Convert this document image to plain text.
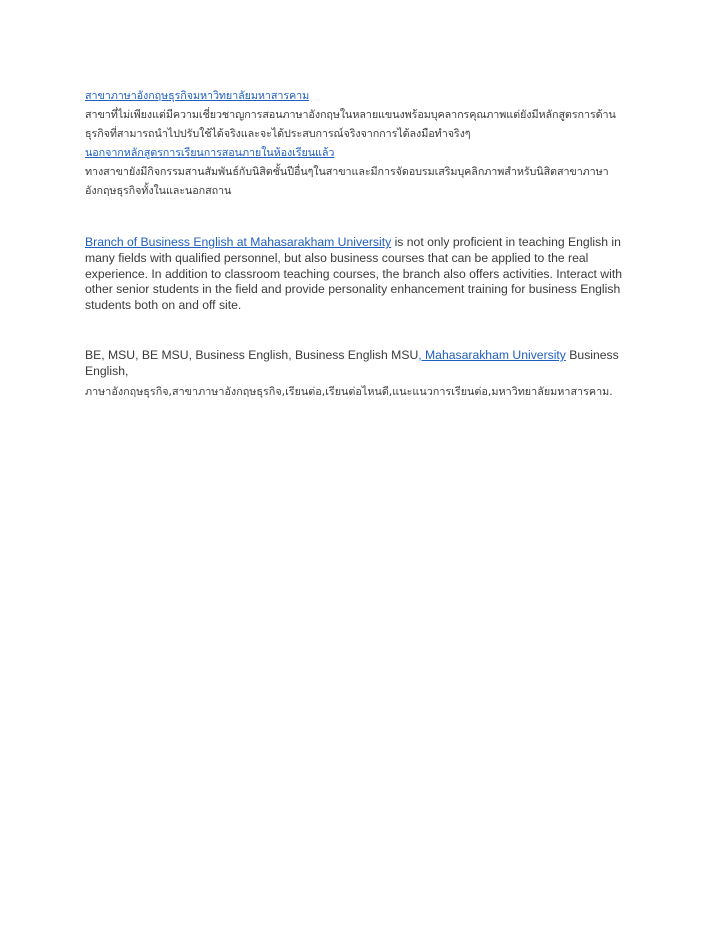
สาขาภาษาอังกฤษธุรกิจมหาวิทยาลัยมหาสารคาม

สาขาที่ไม่เพียงแต่มีความเชี่ยวชาญการสอนภาษาอังกฤษในหลายแขนงพร้อมบุคลากรคุณภาพแต่ยังมีหลักสูตรการด้านธุรกิจที่สามารถนำไปปรับใช้ได้จริงและจะได้ประสบการณ์จริงจากการได้ลงมือทำจริงๆ

นอกจากหลักสูตรการเรียนการสอนภายในห้องเรียนแล้ว

ทางสาขายังมีกิจกรรมสานสัมพันธ์กับนิสิตชั้นปีอื่นๆในสาขาและมีการจัดอบรมเสริมบุคลิกภาพสำหรับนิสิตสาขาภาษาอังกฤษธุรกิจทั้งในและนอกสถาน

Branch of Business English at Mahasarakham University is not only proficient in teaching English in many fields with qualified personnel, but also business courses that can be applied to the real experience. In addition to classroom teaching courses, the branch also offers activities. Interact with other senior students in the field and provide personality enhancement training for business English students both on and off site.

BE, MSU, BE MSU, Business English, Business English MSU, Mahasarakham University Business English,

ภาษาอังกฤษธุรกิจ,สาขาภาษาอังกฤษธุรกิจ,เรียนต่อ,เรียนต่อไหนดี,แนะแนวการเรียนต่อ,มหาวิทยาลัยมหาสารคาม.
